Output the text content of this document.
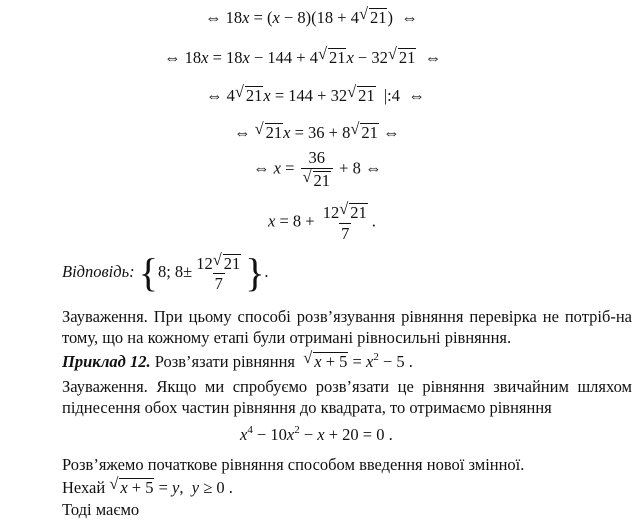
⇔ 18x = (x − 8)(18 + 4 √ 21)  ⇔
⇔ 18x = 18x − 144 + 4 √ 21x − 32 √ 21  ⇔
⇔ 4 √ 21x = 144 + 32 √ 21  |:4  ⇔
⇔ √ 21x = 36 + 8 √ 21 ⇔
⇔ x = 36
√ 21 + 8 ⇔
$x = 8 + \frac{12 √ 21}{7}$ .
Відповідь: {8; $8\pm \frac{12 √ 21}{7}$ }.
Зауваження. При цьому способі розв’язування рівняння перевірка не потріб-на тому, що на кожному етапі були отримані рівносильні рівняння.
Приклад 12. Розв’язати рівняння √ $x + 5 = x^2 - 5$ .
Зауваження. Якщо ми спробуємо розв’язати це рівняння звичайним шляхом піднесення обох частин рівняння до квадрата, то отримаємо рівняння
$x^4 - 10x^2 - x + 20 = 0$ .
Розв’яжемо початкове рівняння способом введення нової змінної.
Нехай √ x + 5 = y,  y ≥ 0 .
Тоді маємо
